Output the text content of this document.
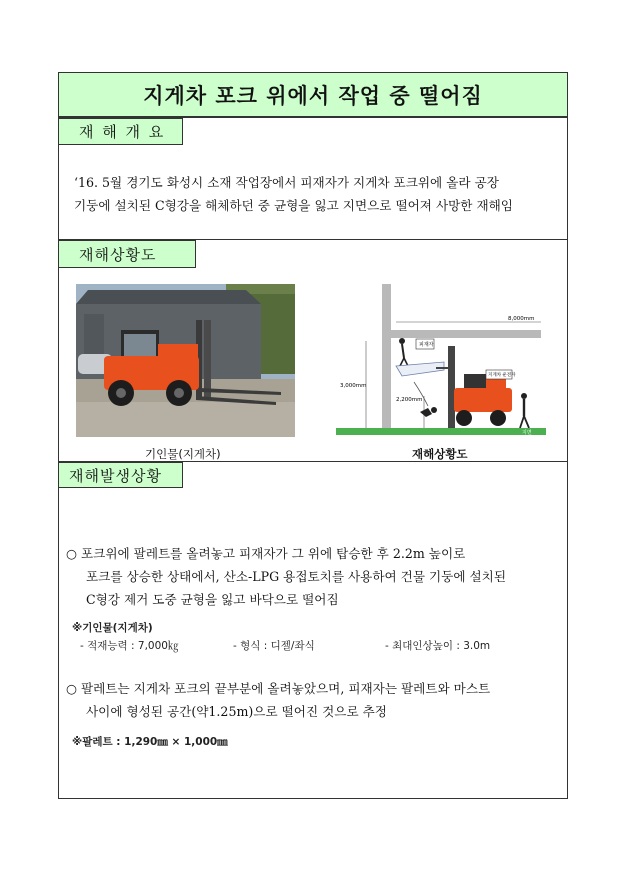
지게차 포크 위에서 작업 중 떨어짐
재 해 개 요
‘16. 5월 경기도 화성시 소재 작업장에서 피재자가 지게차 포크위에 올라 공장
기둥에 설치된 C형강을 해체하던 중 균형을 잃고 지면으로 떨어져 사망한 재해임
재해상황도
기인물(지게차)
8,000mm
3,000mm
2,200mm
피재자
지게차 운전자
지면
재해상황도
재해발생상황
○ 포크위에 팔레트를 올려놓고 피재자가 그 위에 탑승한 후 2.2m 높이로
포크를 상승한 상태에서, 산소-LPG 용접토치를 사용하여 건물 기둥에 설치된
C형강 제거 도중 균형을 잃고 바닥으로 떨어짐
※기인물(지게차)
- 적재능력 : 7,000㎏	- 형식 : 디젤/좌식	- 최대인상높이 : 3.0m
○ 팔레트는 지게차 포크의 끝부분에 올려놓았으며, 피재자는 팔레트와 마스트
사이에 형성된 공간(약1.25m)으로 떨어진 것으로 추정
※팔레트 : 1,290㎜ × 1,000㎜
